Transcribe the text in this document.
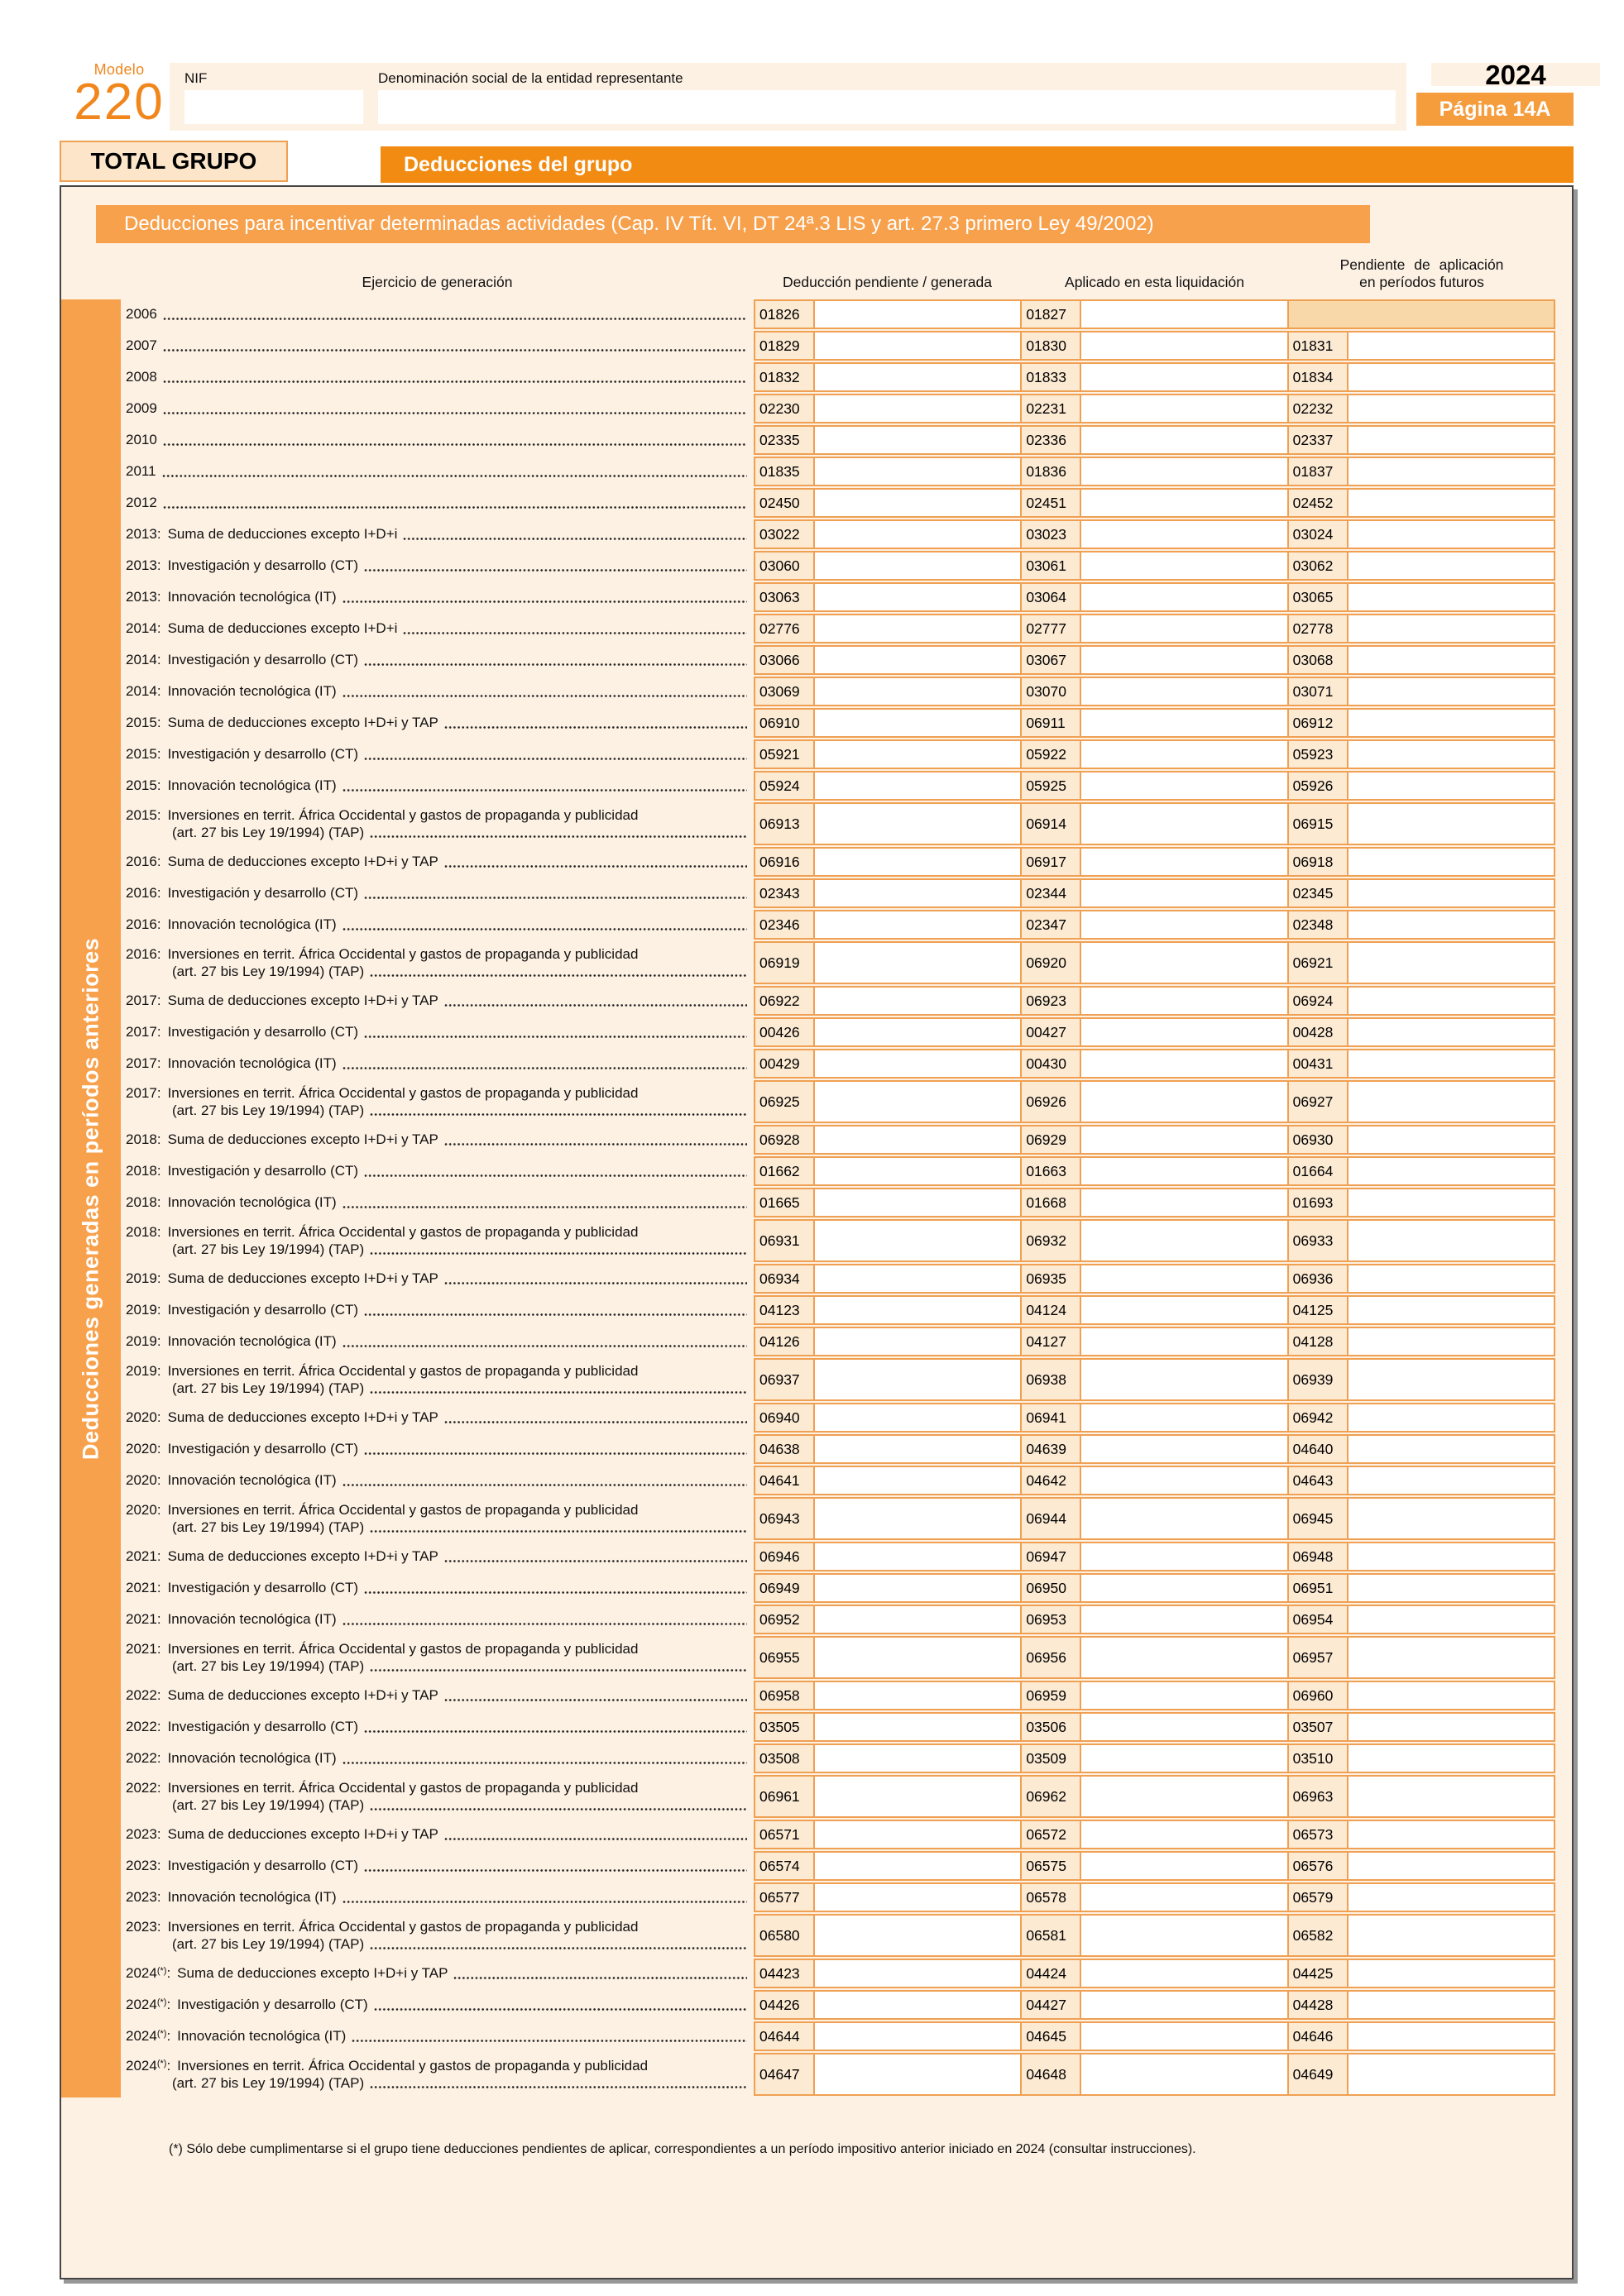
Modelo
220	NIF	Denominación social de la entidad representante	2024
Página 14A
TOTAL GRUPO	Deducciones del grupo
Deducciones para incentivar determinadas actividades (Cap. IV Tít. VI, DT 24ª.3 LIS y art. 27.3 primero Ley 49/2002)
Ejercicio de generación	Deducción pendiente / generada	Aplicado en esta liquidación
Pendiente de aplicación
en períodos futuros
Deducciones generadas en períodos anteriores
2006	01826	01827
2007	01829	01830	01831
2008	01832	01833	01834
2009	02230	02231	02232
2010	02335	02336	02337
2011	01835	01836	01837
2012	02450	02451	02452
2013: Suma de deducciones excepto I+D+i	03022	03023	03024
2013: Investigación y desarrollo (CT)	03060	03061	03062
2013: Innovación tecnológica (IT)	03063	03064	03065
2014: Suma de deducciones excepto I+D+i	02776	02777	02778
2014: Investigación y desarrollo (CT)	03066	03067	03068
2014: Innovación tecnológica (IT)	03069	03070	03071
2015: Suma de deducciones excepto I+D+i y TAP	06910	06911	06912
2015: Investigación y desarrollo (CT)	05921	05922	05923
2015: Innovación tecnológica (IT)	05924	05925	05926
2015: Inversiones en territ. África Occidental y gastos de propaganda y publicidad
(art. 27 bis Ley 19/1994) (TAP)
06913	06914	06915
2016: Suma de deducciones excepto I+D+i y TAP	06916	06917	06918
2016: Investigación y desarrollo (CT)	02343	02344	02345
2016: Innovación tecnológica (IT)	02346	02347	02348
2016: Inversiones en territ. África Occidental y gastos de propaganda y publicidad
(art. 27 bis Ley 19/1994) (TAP)
06919	06920	06921
2017: Suma de deducciones excepto I+D+i y TAP	06922	06923	06924
2017: Investigación y desarrollo (CT)	00426	00427	00428
2017: Innovación tecnológica (IT)	00429	00430	00431
2017: Inversiones en territ. África Occidental y gastos de propaganda y publicidad
(art. 27 bis Ley 19/1994) (TAP)
06925	06926	06927
2018: Suma de deducciones excepto I+D+i y TAP	06928	06929	06930
2018: Investigación y desarrollo (CT)	01662	01663	01664
2018: Innovación tecnológica (IT)	01665	01668	01693
2018: Inversiones en territ. África Occidental y gastos de propaganda y publicidad
(art. 27 bis Ley 19/1994) (TAP)
06931	06932	06933
2019: Suma de deducciones excepto I+D+i y TAP	06934	06935	06936
2019: Investigación y desarrollo (CT)	04123	04124	04125
2019: Innovación tecnológica (IT)	04126	04127	04128
2019: Inversiones en territ. África Occidental y gastos de propaganda y publicidad
(art. 27 bis Ley 19/1994) (TAP)
06937	06938	06939
2020: Suma de deducciones excepto I+D+i y TAP	06940	06941	06942
2020: Investigación y desarrollo (CT)	04638	04639	04640
2020: Innovación tecnológica (IT)	04641	04642	04643
2020: Inversiones en territ. África Occidental y gastos de propaganda y publicidad
(art. 27 bis Ley 19/1994) (TAP)
06943	06944	06945
2021: Suma de deducciones excepto I+D+i y TAP	06946	06947	06948
2021: Investigación y desarrollo (CT)	06949	06950	06951
2021: Innovación tecnológica (IT)	06952	06953	06954
2021: Inversiones en territ. África Occidental y gastos de propaganda y publicidad
(art. 27 bis Ley 19/1994) (TAP)
06955	06956	06957
2022: Suma de deducciones excepto I+D+i y TAP	06958	06959	06960
2022: Investigación y desarrollo (CT)	03505	03506	03507
2022: Innovación tecnológica (IT)	03508	03509	03510
2022: Inversiones en territ. África Occidental y gastos de propaganda y publicidad
(art. 27 bis Ley 19/1994) (TAP)
06961	06962	06963
2023: Suma de deducciones excepto I+D+i y TAP	06571	06572	06573
2023: Investigación y desarrollo (CT)	06574	06575	06576
2023: Innovación tecnológica (IT)	06577	06578	06579
2023: Inversiones en territ. África Occidental y gastos de propaganda y publicidad
(art. 27 bis Ley 19/1994) (TAP)
06580	06581	06582
2024(*): Suma de deducciones excepto I+D+i y TAP	04423	04424	04425
2024(*): Investigación y desarrollo (CT)	04426	04427	04428
2024(*): Innovación tecnológica (IT)	04644	04645	04646
2024(*): Inversiones en territ. África Occidental y gastos de propaganda y publicidad
(art. 27 bis Ley 19/1994) (TAP)
04647	04648	04649
(*) Sólo debe cumplimentarse si el grupo tiene deducciones pendientes de aplicar, correspondientes a un período impositivo anterior iniciado en 2024 (consultar instrucciones).
